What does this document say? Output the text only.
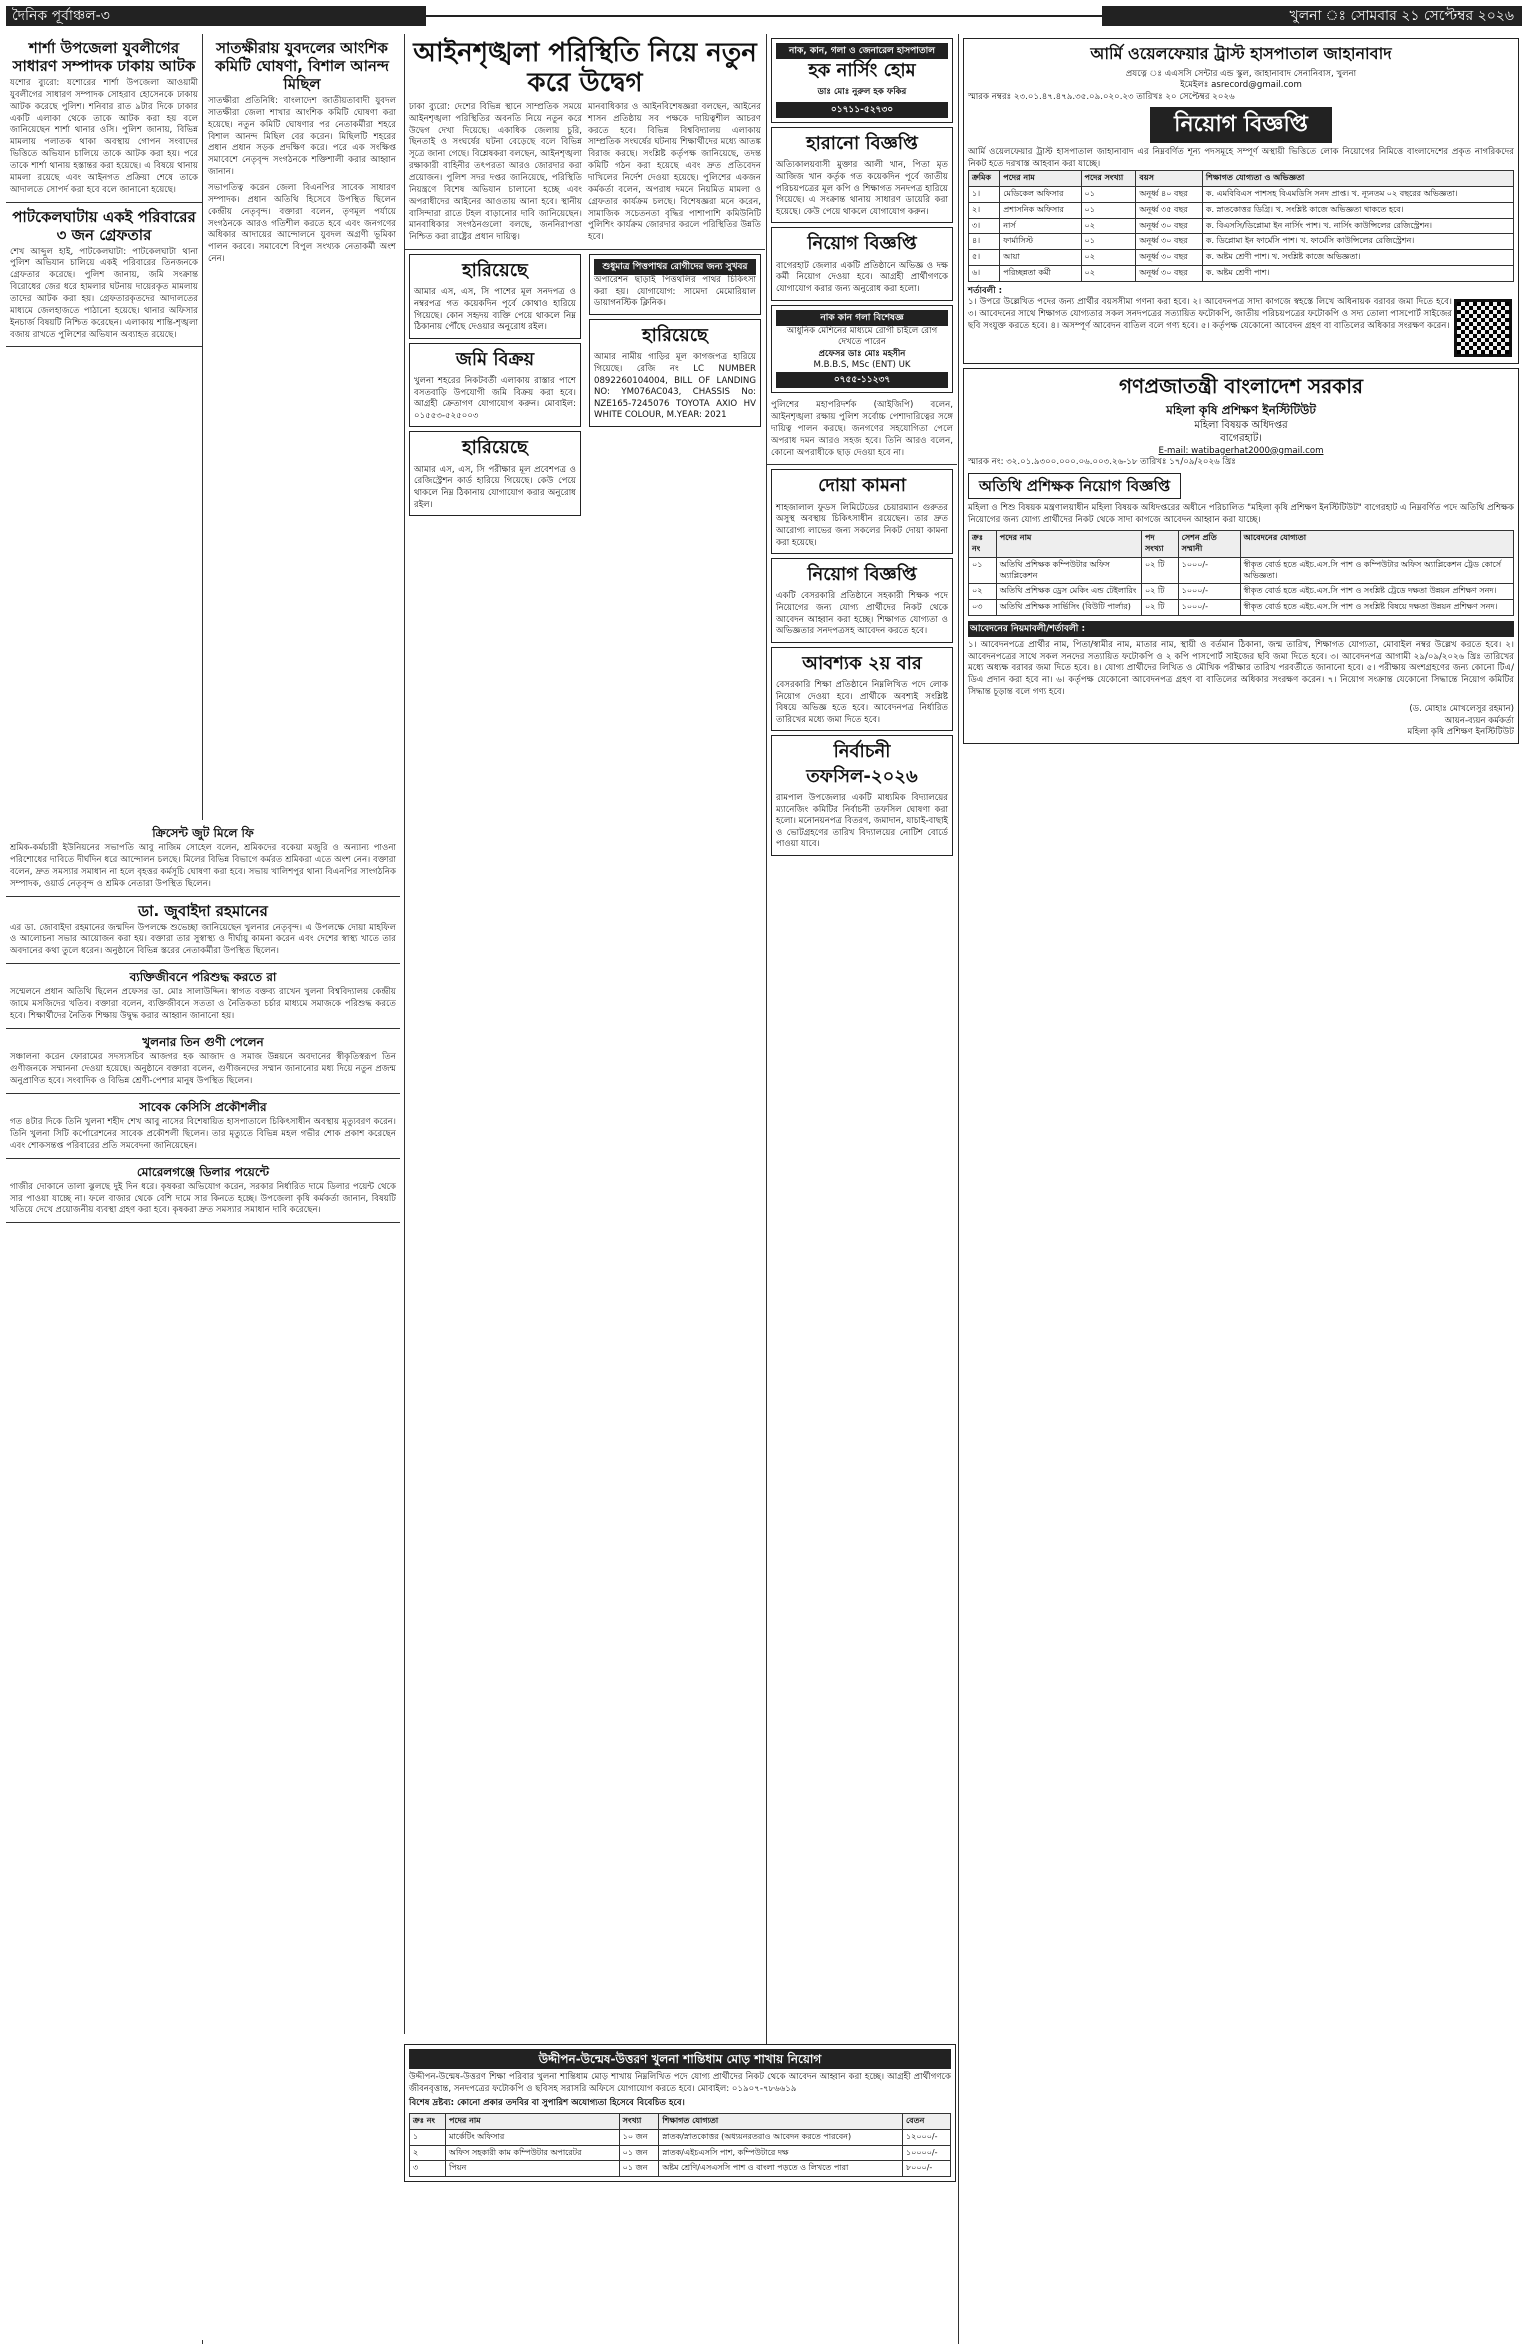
দৈনিক পূর্বাঞ্চল-৩	খুলনা ঃ সোমবার ২১ সেপ্টেম্বর ২০২৬
শার্শা উপজেলা যুবলীগের সাধারণ সম্পাদক ঢাকায় আটক

যশোর ব্যুরো: যশোরের শার্শা উপজেলা আওয়ামী যুবলীগের সাধারণ সম্পাদক সোহরাব হোসেনকে ঢাকায় আটক করেছে পুলিশ। শনিবার রাত ৯টার দিকে ঢাকার একটি এলাকা থেকে তাকে আটক করা হয় বলে জানিয়েছেন শার্শা থানার ওসি। পুলিশ জানায়, বিভিন্ন মামলায় পলাতক থাকা অবস্থায় গোপন সংবাদের ভিত্তিতে অভিযান চালিয়ে তাকে আটক করা হয়। পরে তাকে শার্শা থানায় হস্তান্তর করা হয়েছে। এ বিষয়ে থানায় মামলা রয়েছে এবং আইনগত প্রক্রিয়া শেষে তাকে আদালতে সোপর্দ করা হবে বলে জানানো হয়েছে।

পাটকেলঘাটায় একই পরিবারের ৩ জন গ্রেফতার

শেখ আব্দুল হাই, পাটকেলঘাটা: পাটকেলঘাটা থানা পুলিশ অভিযান চালিয়ে একই পরিবারের তিনজনকে গ্রেফতার করেছে। পুলিশ জানায়, জমি সংক্রান্ত বিরোধের জের ধরে হামলার ঘটনায় দায়েরকৃত মামলায় তাদের আটক করা হয়। গ্রেফতারকৃতদের আদালতের মাধ্যমে জেলহাজতে পাঠানো হয়েছে। থানার অফিসার ইনচার্জ বিষয়টি নিশ্চিত করেছেন। এলাকায় শান্তি-শৃঙ্খলা বজায় রাখতে পুলিশের অভিযান অব্যাহত রয়েছে।

সাতক্ষীরায় যুবদলের আংশিক কমিটি ঘোষণা, বিশাল আনন্দ মিছিল

সাতক্ষীরা প্রতিনিধি: বাংলাদেশ জাতীয়তাবাদী যুবদল সাতক্ষীরা জেলা শাখার আংশিক কমিটি ঘোষণা করা হয়েছে। নতুন কমিটি ঘোষণার পর নেতাকর্মীরা শহরে বিশাল আনন্দ মিছিল বের করেন। মিছিলটি শহরের প্রধান প্রধান সড়ক প্রদক্ষিণ করে। পরে এক সংক্ষিপ্ত সমাবেশে নেতৃবৃন্দ সংগঠনকে শক্তিশালী করার আহ্বান জানান।

সভাপতিত্ব করেন জেলা বিএনপির সাবেক সাধারণ সম্পাদক। প্রধান অতিথি হিসেবে উপস্থিত ছিলেন কেন্দ্রীয় নেতৃবৃন্দ। বক্তারা বলেন, তৃণমূল পর্যায়ে সংগঠনকে আরও গতিশীল করতে হবে এবং জনগণের অধিকার আদায়ের আন্দোলনে যুবদল অগ্রণী ভূমিকা পালন করবে। সমাবেশে বিপুল সংখ্যক নেতাকর্মী অংশ নেন।

ক্রিসেন্ট জুট মিলে ফি

শ্রমিক-কর্মচারী ইউনিয়নের সভাপতি আবু নাজিম সোহেল বলেন, শ্রমিকদের বকেয়া মজুরি ও অন্যান্য পাওনা পরিশোধের দাবিতে দীর্ঘদিন ধরে আন্দোলন চলছে। মিলের বিভিন্ন বিভাগে কর্মরত শ্রমিকরা এতে অংশ নেন। বক্তারা বলেন, দ্রুত সমস্যার সমাধান না হলে বৃহত্তর কর্মসূচি ঘোষণা করা হবে। সভায় খালিশপুর থানা বিএনপির সাংগঠনিক সম্পাদক, ওয়ার্ড নেতৃবৃন্দ ও শ্রমিক নেতারা উপস্থিত ছিলেন।

ডা. জুবাইদা রহমানের

এর ডা. জোবাইদা রহমানের জন্মদিন উপলক্ষে শুভেচ্ছা জানিয়েছেন খুলনার নেতৃবৃন্দ। এ উপলক্ষে দোয়া মাহফিল ও আলোচনা সভার আয়োজন করা হয়। বক্তারা তার সুস্বাস্থ্য ও দীর্ঘায়ু কামনা করেন এবং দেশের স্বাস্থ্য খাতে তার অবদানের কথা তুলে ধরেন। অনুষ্ঠানে বিভিন্ন স্তরের নেতাকর্মীরা উপস্থিত ছিলেন।

ব্যক্তিজীবনে পরিশুদ্ধ করতে রা

সম্মেলনে প্রধান অতিথি ছিলেন প্রফেসর ডা. মোঃ সালাউদ্দিন। স্বাগত বক্তব্য রাখেন খুলনা বিশ্ববিদ্যালয় কেন্দ্রীয় জামে মসজিদের খতিব। বক্তারা বলেন, ব্যক্তিজীবনে সততা ও নৈতিকতা চর্চার মাধ্যমে সমাজকে পরিশুদ্ধ করতে হবে। শিক্ষার্থীদের নৈতিক শিক্ষায় উদ্বুদ্ধ করার আহ্বান জানানো হয়।

খুলনার তিন গুণী পেলেন

সঞ্চালনা করেন ফোরামের সদস্যসচিব আজগর হক আজাদ ও সমাজ উন্নয়নে অবদানের স্বীকৃতিস্বরূপ তিন গুণীজনকে সম্মাননা দেওয়া হয়েছে। অনুষ্ঠানে বক্তারা বলেন, গুণীজনদের সম্মান জানানোর মধ্য দিয়ে নতুন প্রজন্ম অনুপ্রাণিত হবে। সংবাদিক ও বিভিন্ন শ্রেণী-পেশার মানুষ উপস্থিত ছিলেন।

সাবেক কেসিসি প্রকৌশলীর

গত ৪টার দিকে তিনি খুলনা শহীদ শেখ আবু নাসের বিশেষায়িত হাসপাতালে চিকিৎসাধীন অবস্থায় মৃত্যুবরণ করেন। তিনি খুলনা সিটি কর্পোরেশনের সাবেক প্রকৌশলী ছিলেন। তার মৃত্যুতে বিভিন্ন মহল গভীর শোক প্রকাশ করেছেন এবং শোকসন্তপ্ত পরিবারের প্রতি সমবেদনা জানিয়েছেন।

মোরেলগঞ্জে ডিলার পয়েন্টে

গাজীর দোকানে তালা ঝুলছে দুই দিন ধরে। কৃষকরা অভিযোগ করেন, সরকার নির্ধারিত দামে ডিলার পয়েন্ট থেকে সার পাওয়া যাচ্ছে না। ফলে বাজার থেকে বেশি দামে সার কিনতে হচ্ছে। উপজেলা কৃষি কর্মকর্তা জানান, বিষয়টি খতিয়ে দেখে প্রয়োজনীয় ব্যবস্থা গ্রহণ করা হবে। কৃষকরা দ্রুত সমস্যার সমাধান দাবি করেছেন।

আইনশৃঙ্খলা পরিস্থিতি নিয়ে নতুন করে উদ্বেগ

ঢাকা ব্যুরো: দেশের বিভিন্ন স্থানে সাম্প্রতিক সময়ে আইনশৃঙ্খলা পরিস্থিতির অবনতি নিয়ে নতুন করে উদ্বেগ দেখা দিয়েছে। একাধিক জেলায় চুরি, ছিনতাই ও সংঘর্ষের ঘটনা বেড়েছে বলে বিভিন্ন সূত্রে জানা গেছে। বিশ্লেষকরা বলছেন, আইনশৃঙ্খলা রক্ষাকারী বাহিনীর তৎপরতা আরও জোরদার করা প্রয়োজন। পুলিশ সদর দপ্তর জানিয়েছে, পরিস্থিতি নিয়ন্ত্রণে বিশেষ অভিযান চালানো হচ্ছে এবং অপরাধীদের আইনের আওতায় আনা হবে। স্থানীয় বাসিন্দারা রাতে টহল বাড়ানোর দাবি জানিয়েছেন। মানবাধিকার সংগঠনগুলো বলছে, জননিরাপত্তা নিশ্চিত করা রাষ্ট্রের প্রধান দায়িত্ব।

মানবাধিকার ও আইনবিশেষজ্ঞরা বলছেন, আইনের শাসন প্রতিষ্ঠায় সব পক্ষকে দায়িত্বশীল আচরণ করতে হবে। বিভিন্ন বিশ্ববিদ্যালয় এলাকায় সাম্প্রতিক সংঘর্ষের ঘটনায় শিক্ষার্থীদের মধ্যে আতঙ্ক বিরাজ করছে। সংশ্লিষ্ট কর্তৃপক্ষ জানিয়েছে, তদন্ত কমিটি গঠন করা হয়েছে এবং দ্রুত প্রতিবেদন দাখিলের নির্দেশ দেওয়া হয়েছে। পুলিশের একজন কর্মকর্তা বলেন, অপরাধ দমনে নিয়মিত মামলা ও গ্রেফতার কার্যক্রম চলছে। বিশেষজ্ঞরা মনে করেন, সামাজিক সচেতনতা বৃদ্ধির পাশাপাশি কমিউনিটি পুলিশিং কার্যক্রম জোরদার করলে পরিস্থিতির উন্নতি হবে।

হারিয়েছে

আমার এস, এস, সি পাশের মূল সনদপত্র ও নম্বরপত্র গত কয়েকদিন পূর্বে কোথাও হারিয়ে গিয়েছে। কোন সহৃদয় ব্যক্তি পেয়ে থাকলে নিম্ন ঠিকানায় পৌঁছে দেওয়ার অনুরোধ রইল।

জমি বিক্রয়

খুলনা শহরের নিকটবর্তী এলাকায় রাস্তার পাশে বসতবাড়ি উপযোগী জমি বিক্রয় করা হবে। আগ্রহী ক্রেতাগণ যোগাযোগ করুন। মোবাইল: ০১৫৫৩-৫২৫০০৩

হারিয়েছে

আমার এস, এস, সি পরীক্ষার মূল প্রবেশপত্র ও রেজিস্ট্রেশন কার্ড হারিয়ে গিয়েছে। কেউ পেয়ে থাকলে নিম্ন ঠিকানায় যোগাযোগ করার অনুরোধ রইল।

শুধুমাত্র পিত্তপাথর রোগীদের জন্য সুখবর

অপারেশন ছাড়াই পিত্তথলির পাথর চিকিৎসা করা হয়। যোগাযোগ: সামেদা মেমোরিয়াল ডায়াগনস্টিক ক্লিনিক।

হারিয়েছে

আমার নামীয় গাড়ির মূল কাগজপত্র হারিয়ে গিয়েছে। রেজি নং LC NUMBER 0892260104004, BILL OF LANDING NO: YM076AC043, CHASSIS No: NZE165-7245076 TOYOTA AXIO HV WHITE COLOUR, M.YEAR: 2021

নাক, কান, গলা ও জেনারেল হাসপাতাল
হক নার্সিং হোম

ডাঃ মোঃ নুরুল হক ফকির

০১৭১১-৫২৭৩০
হারানো বিজ্ঞপ্তি

অত্যিকালয়বাসী মুক্তার আলী খান, পিতা মৃত আজিজ খান কর্তৃক গত কয়েকদিন পূর্বে জাতীয় পরিচয়পত্রের মূল কপি ও শিক্ষাগত সনদপত্র হারিয়ে গিয়েছে। এ সংক্রান্ত থানায় সাধারণ ডায়েরি করা হয়েছে। কেউ পেয়ে থাকলে যোগাযোগ করুন।

নিয়োগ বিজ্ঞপ্তি

বাগেরহাট জেলার একটি প্রতিষ্ঠানে অভিজ্ঞ ও দক্ষ কর্মী নিয়োগ দেওয়া হবে। আগ্রহী প্রার্থীগণকে যোগাযোগ করার জন্য অনুরোধ করা হলো।

নাক কান গলা বিশেষজ্ঞ

আধুনিক মেশিনের মাধ্যমে রোগী চাইলে রোগ দেখতে পারেন

প্রফেসর ডাঃ মোঃ মহসীন

M.B.B.S, MSc (ENT) UK

০৭৫৫-১১২৩৭

পুলিশের মহাপরিদর্শক (আইজিপি) বলেন, আইনশৃঙ্খলা রক্ষায় পুলিশ সর্বোচ্চ পেশাদারিত্বের সঙ্গে দায়িত্ব পালন করছে। জনগণের সহযোগিতা পেলে অপরাধ দমন আরও সহজ হবে। তিনি আরও বলেন, কোনো অপরাধীকে ছাড় দেওয়া হবে না।

দোয়া কামনা

শাহজালাল ফুডস লিমিটেডের চেয়ারম্যান গুরুতর অসুস্থ অবস্থায় চিকিৎসাধীন রয়েছেন। তার দ্রুত আরোগ্য লাভের জন্য সকলের নিকট দোয়া কামনা করা হয়েছে।

নিয়োগ বিজ্ঞপ্তি

একটি বেসরকারি প্রতিষ্ঠানে সহকারী শিক্ষক পদে নিয়োগের জন্য যোগ্য প্রার্থীদের নিকট থেকে আবেদন আহ্বান করা হচ্ছে। শিক্ষাগত যোগ্যতা ও অভিজ্ঞতার সনদপত্রসহ আবেদন করতে হবে।

আবশ্যক ২য় বার

বেসরকারি শিক্ষা প্রতিষ্ঠানে নিম্নলিখিত পদে লোক নিয়োগ দেওয়া হবে। প্রার্থীকে অবশ্যই সংশ্লিষ্ট বিষয়ে অভিজ্ঞ হতে হবে। আবেদনপত্র নির্ধারিত তারিখের মধ্যে জমা দিতে হবে।

নির্বাচনী তফসিল-২০২৬

রামপাল উপজেলার একটি মাধ্যমিক বিদ্যালয়ের ম্যানেজিং কমিটির নির্বাচনী তফসিল ঘোষণা করা হলো। মনোনয়নপত্র বিতরণ, জমাদান, যাচাই-বাছাই ও ভোটগ্রহণের তারিখ বিদ্যালয়ের নোটিশ বোর্ডে পাওয়া যাবে।

আর্মি ওয়েলফেয়ার ট্রাস্ট হাসপাতাল জাহানাবাদ

প্রযত্নে ঃ এএসসি সেন্টার এন্ড স্কুল, জাহানাবাদ সেনানিবাস, খুলনা

ইমেইলঃ asrecord@gmail.com

স্মারক নম্বরঃ ২৩.০১.৪৭.৪৭৯.৩৫.০৯.০২০.২৩ তারিখঃ ২০ সেপ্টেম্বর ২০২৬

নিয়োগ বিজ্ঞপ্তি

আর্মি ওয়েলফেয়ার ট্রাস্ট হাসপাতাল জাহানাবাদ এর নিম্নবর্ণিত শূন্য পদসমূহে সম্পূর্ণ অস্থায়ী ভিত্তিতে লোক নিয়োগের নিমিত্তে বাংলাদেশের প্রকৃত নাগরিকদের নিকট হতে দরখাস্ত আহবান করা যাচ্ছে।

ক্রমিক	পদের নাম	পদের সংখ্যা	বয়স	শিক্ষাগত যোগ্যতা ও অভিজ্ঞতা
১।	মেডিকেল অফিসার	০১	অনূর্ধ্ব ৪০ বছর	ক. এমবিবিএস পাশসহ বিএমডিসি সনদ প্রাপ্ত। খ. ন্যূনতম ০২ বছরের অভিজ্ঞতা।
২।	প্রশাসনিক অফিসার	০১	অনূর্ধ্ব ৩৫ বছর	ক. স্নাতকোত্তর ডিগ্রি। খ. সংশ্লিষ্ট কাজে অভিজ্ঞতা থাকতে হবে।
৩।	নার্স	০২	অনূর্ধ্ব ৩০ বছর	ক. বিএসসি/ডিপ্লোমা ইন নার্সিং পাশ। খ. নার্সিং কাউন্সিলের রেজিস্ট্রেশন।
৪।	ফার্মাসিস্ট	০১	অনূর্ধ্ব ৩০ বছর	ক. ডিপ্লোমা ইন ফার্মেসি পাশ। খ. ফার্মেসি কাউন্সিলের রেজিস্ট্রেশন।
৫।	আয়া	০২	অনূর্ধ্ব ৩০ বছর	ক. অষ্টম শ্রেণী পাশ। খ. সংশ্লিষ্ট কাজে অভিজ্ঞতা।
৬।	পরিচ্ছন্নতা কর্মী	০২	অনূর্ধ্ব ৩০ বছর	ক. অষ্টম শ্রেণী পাশ।

শর্তাবলী :

১। উপরে উল্লেখিত পদের জন্য প্রার্থীর বয়সসীমা গণনা করা হবে। ২। আবেদনপত্র সাদা কাগজে স্বহস্তে লিখে অধিনায়ক বরাবর জমা দিতে হবে। ৩। আবেদনের সাথে শিক্ষাগত যোগ্যতার সকল সনদপত্রের সত্যায়িত ফটোকপি, জাতীয় পরিচয়পত্রের ফটোকপি ও সদ্য তোলা পাসপোর্ট সাইজের ছবি সংযুক্ত করতে হবে। ৪। অসম্পূর্ণ আবেদন বাতিল বলে গণ্য হবে। ৫। কর্তৃপক্ষ যেকোনো আবেদন গ্রহণ বা বাতিলের অধিকার সংরক্ষণ করেন।

গণপ্রজাতন্ত্রী বাংলাদেশ সরকার

মহিলা কৃষি প্রশিক্ষণ ইনস্টিটিউট

মহিলা বিষয়ক অধিদপ্তর

বাগেরহাট।

E-mail: watibagerhat2000@gmail.com

স্মারক নং: ৩২.০১.৯৩০০.০০০.০৬.০০৩.২৬-১৮ তারিখঃ ১৭/০৯/২০২৬ খ্রিঃ

অতিথি প্রশিক্ষক নিয়োগ বিজ্ঞপ্তি

মহিলা ও শিশু বিষয়ক মন্ত্রণালয়াধীন মহিলা বিষয়ক অধিদপ্তরের অধীনে পরিচালিত "মহিলা কৃষি প্রশিক্ষণ ইনস্টিটিউট" বাগেরহাট এ নিম্নবর্ণিত পদে অতিথি প্রশিক্ষক নিয়োগের জন্য যোগ্য প্রার্থীদের নিকট থেকে সাদা কাগজে আবেদন আহ্বান করা যাচ্ছে।

ক্রঃ নং	পদের নাম	পদ সংখ্যা	সেশন প্রতি সম্মানী	আবেদনের যোগ্যতা
০১	অতিথি প্রশিক্ষক কম্পিউটার অফিস অ্যাপ্লিকেশন	০২ টি	১০০০/-	স্বীকৃত বোর্ড হতে এইচ.এস.সি পাশ ও কম্পিউটার অফিস অ্যাপ্লিকেশন ট্রেড কোর্সে অভিজ্ঞতা।
০২	অতিথি প্রশিক্ষক ড্রেস মেকিং এন্ড টেইলারিং	০২ টি	১০০০/-	স্বীকৃত বোর্ড হতে এইচ.এস.সি পাশ ও সংশ্লিষ্ট ট্রেডে দক্ষতা উন্নয়ন প্রশিক্ষণ সনদ।
০৩	অতিথি প্রশিক্ষক সার্ভিসিং (বিউটি পার্লার)	০২ টি	১০০০/-	স্বীকৃত বোর্ড হতে এইচ.এস.সি পাশ ও সংশ্লিষ্ট বিষয়ে দক্ষতা উন্নয়ন প্রশিক্ষণ সনদ।
আবেদনের নিয়মাবলী/শর্তাবলী :

১। আবেদনপত্রে প্রার্থীর নাম, পিতা/স্বামীর নাম, মাতার নাম, স্থায়ী ও বর্তমান ঠিকানা, জন্ম তারিখ, শিক্ষাগত যোগ্যতা, মোবাইল নম্বর উল্লেখ করতে হবে। ২। আবেদনপত্রের সাথে সকল সনদের সত্যায়িত ফটোকপি ও ২ কপি পাসপোর্ট সাইজের ছবি জমা দিতে হবে। ৩। আবেদনপত্র আগামী ২৯/০৯/২০২৬ খ্রিঃ তারিখের মধ্যে অধ্যক্ষ বরাবর জমা দিতে হবে। ৪। যোগ্য প্রার্থীদের লিখিত ও মৌখিক পরীক্ষার তারিখ পরবর্তীতে জানানো হবে। ৫। পরীক্ষায় অংশগ্রহণের জন্য কোনো টিএ/ডিএ প্রদান করা হবে না। ৬। কর্তৃপক্ষ যেকোনো আবেদনপত্র গ্রহণ বা বাতিলের অধিকার সংরক্ষণ করেন। ৭। নিয়োগ সংক্রান্ত যেকোনো সিদ্ধান্তে নিয়োগ কমিটির সিদ্ধান্ত চূড়ান্ত বলে গণ্য হবে।

(ড. মোহাঃ মোখলেসুর রহমান)
আয়ন-ব্যয়ন কর্মকর্তা
মহিলা কৃষি প্রশিক্ষণ ইনস্টিটিউট
উদ্দীপন-উন্মেষ-উত্তরণ খুলনা শান্তিধাম মোড় শাখায় নিয়োগ

উদ্দীপন-উন্মেষ-উত্তরণ শিক্ষা পরিবার খুলনা শান্তিধাম মোড় শাখায় নিম্নলিখিত পদে যোগ্য প্রার্থীদের নিকট থেকে আবেদন আহ্বান করা হচ্ছে। আগ্রহী প্রার্থীগণকে জীবনবৃত্তান্ত, সনদপত্রের ফটোকপি ও ছবিসহ সরাসরি অফিসে যোগাযোগ করতে হবে। মোবাইল: ০১৯০৭-৭৮৬৬১৯

বিশেষ দ্রষ্টব্য: কোনো প্রকার তদবির বা সুপারিশ অযোগ্যতা হিসেবে বিবেচিত হবে।

ক্রঃ নং	পদের নাম	সংখ্যা	শিক্ষাগত যোগ্যতা	বেতন
১	মার্কেটিং অফিসার	১০ জন	স্নাতক/স্নাতকোত্তর (অধ্যয়নরতরাও আবেদন করতে পারবেন)	১২০০০/-
২	অফিস সহকারী কাম কম্পিউটার অপারেটর	০১ জন	স্নাতক/এইচএসসি পাশ, কম্পিউটারে দক্ষ	১০০০০/-
৩	পিয়ন	০১ জন	অষ্টম শ্রেণি/এসএসসি পাশ ও বাংলা পড়তে ও লিখতে পারা	৮০০০/-
